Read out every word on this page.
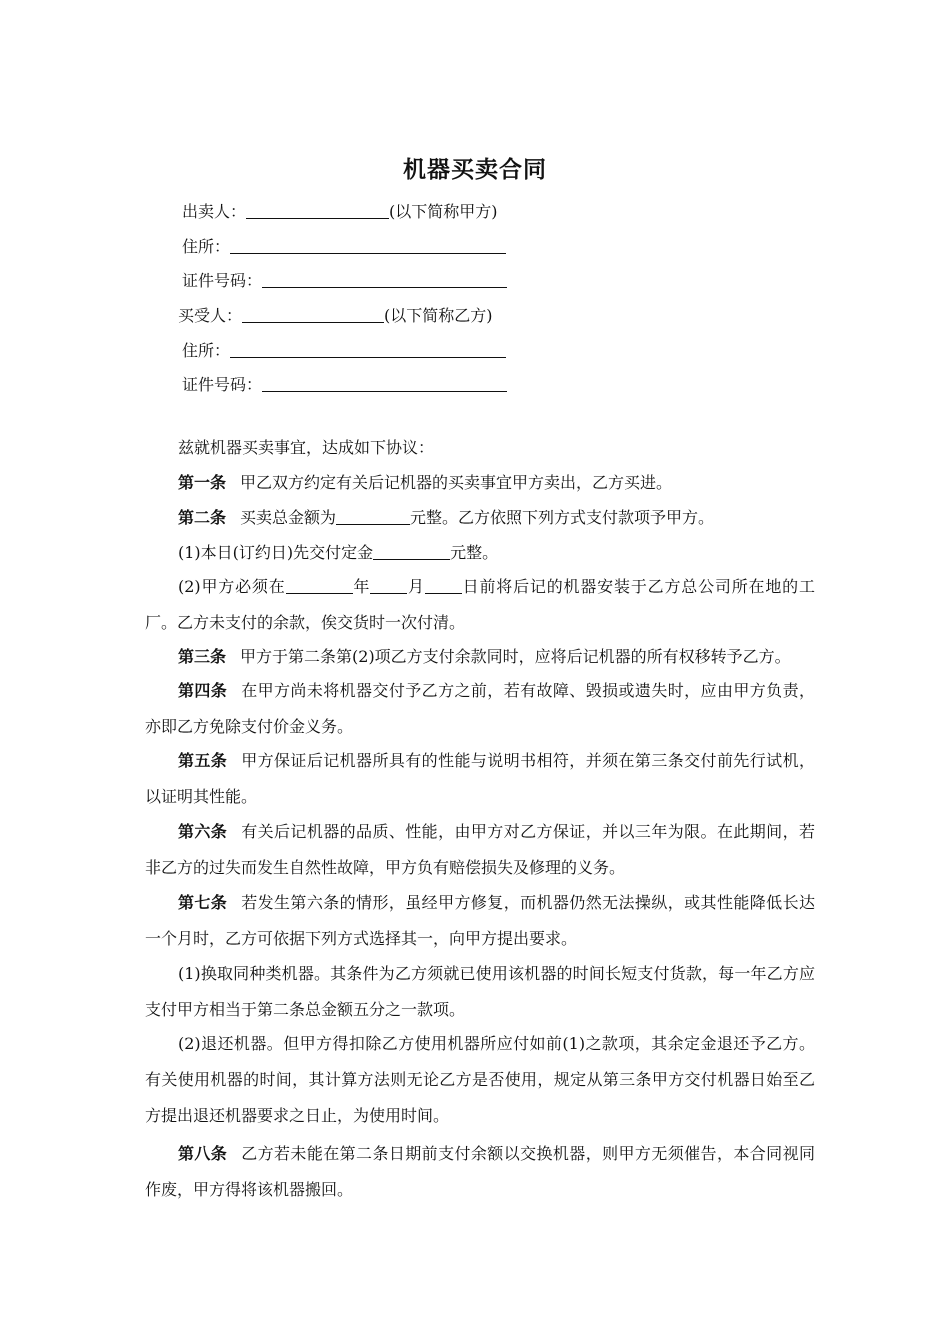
机器买卖合同
出卖人：	(以下简称甲方)
住所：
证件号码：
买受人：	(以下简称乙方)
住所：
证件号码：
兹就机器买卖事宜，达成如下协议：
第一条 甲乙双方约定有关后记机器的买卖事宜甲方卖出，乙方买进。
第二条 买卖总金额为	元整。乙方依照下列方式支付款项予甲方。
(1)本日(订约日)先交付定金	元整。
(2)甲方必须在	年 月 日前将后记的机器安装于乙方总公司所在地的工厂。乙方未支付的余款，俟交货时一次付清。
第三条 甲方于第二条第(2)项乙方支付余款同时，应将后记机器的所有权移转予乙方。
第四条 在甲方尚未将机器交付予乙方之前，若有故障、毁损或遗失时，应由甲方负责，亦即乙方免除支付价金义务。
第五条 甲方保证后记机器所具有的性能与说明书相符，并须在第三条交付前先行试机，以证明其性能。
第六条 有关后记机器的品质、性能，由甲方对乙方保证，并以三年为限。在此期间，若非乙方的过失而发生自然性故障，甲方负有赔偿损失及修理的义务。
第七条 若发生第六条的情形，虽经甲方修复，而机器仍然无法操纵，或其性能降低长达一个月时，乙方可依据下列方式选择其一，向甲方提出要求。
(1)换取同种类机器。其条件为乙方须就已使用该机器的时间长短支付货款，每一年乙方应支付甲方相当于第二条总金额五分之一款项。
(2)退还机器。但甲方得扣除乙方使用机器所应付如前(1)之款项，其余定金退还予乙方。有关使用机器的时间，其计算方法则无论乙方是否使用，规定从第三条甲方交付机器日始至乙方提出退还机器要求之日止，为使用时间。
第八条 乙方若未能在第二条日期前支付余额以交换机器，则甲方无须催告，本合同视同作废，甲方得将该机器搬回。
